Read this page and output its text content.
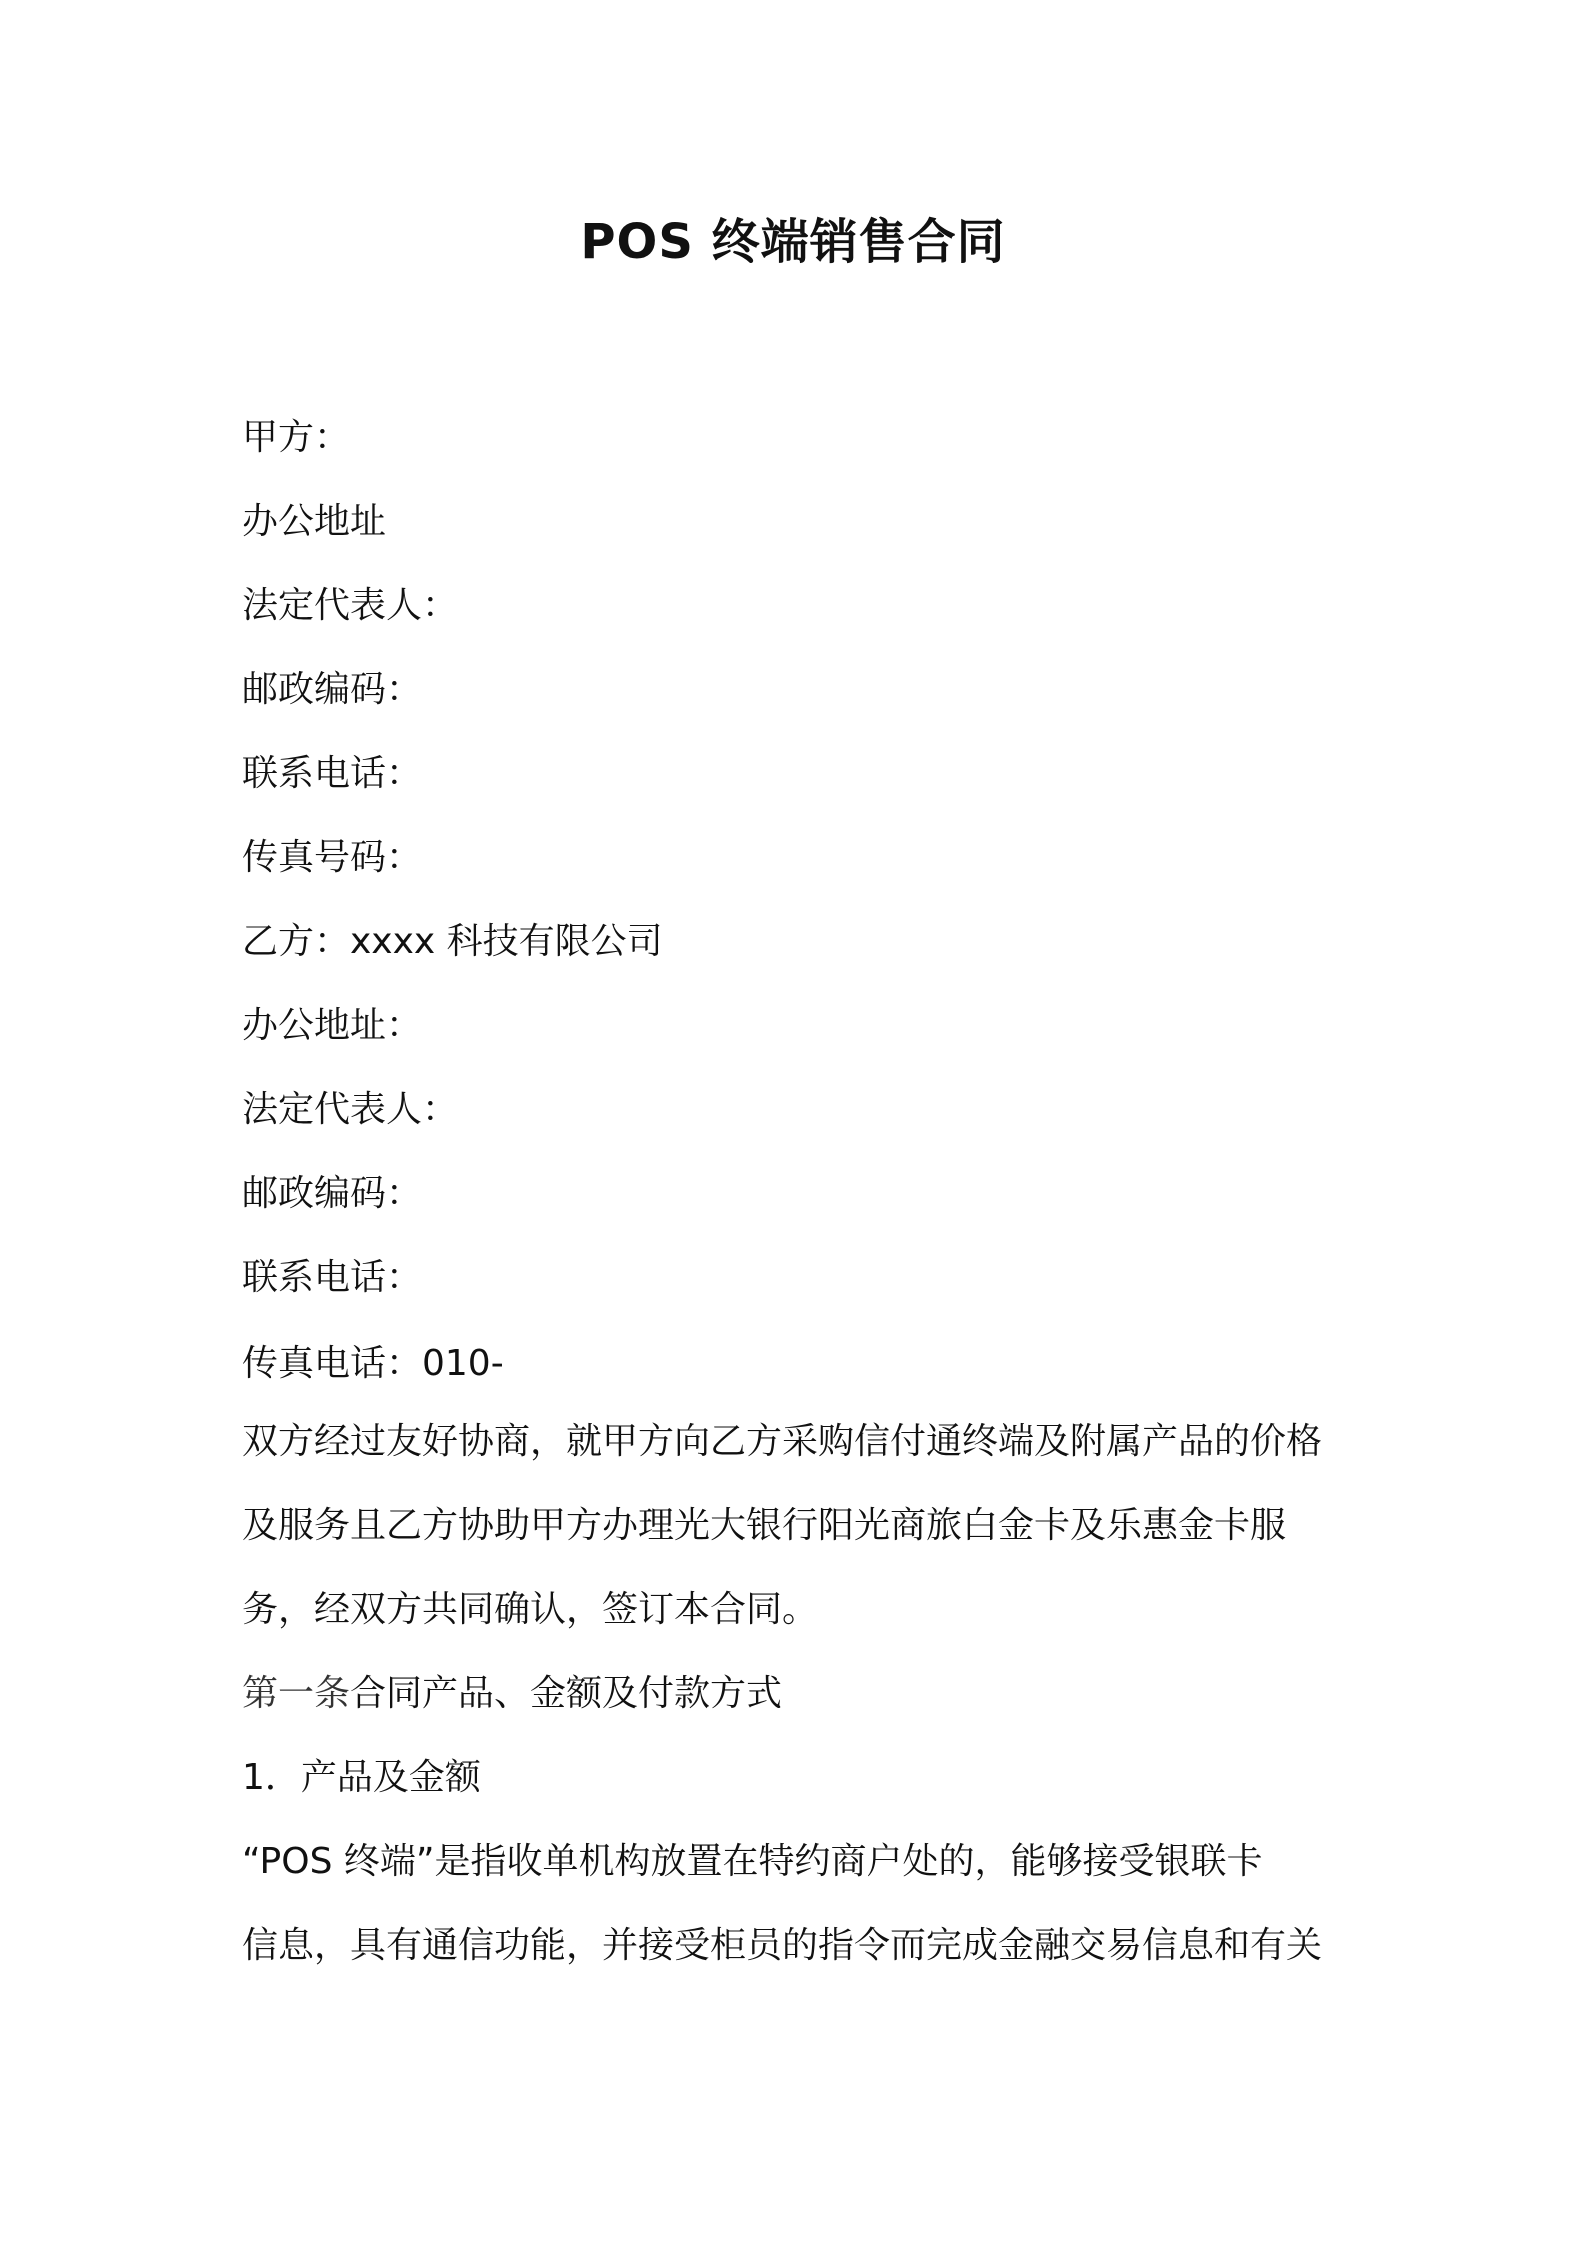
POS 终端销售合同
甲方：
办公地址
法定代表人：
邮政编码：
联系电话：
传真号码：
乙方：xxxx 科技有限公司
办公地址：
法定代表人：
邮政编码：
联系电话：
传真电话：010-
双方经过友好协商，就甲方向乙方采购信付通终端及附属产品的价格
及服务且乙方协助甲方办理光大银行阳光商旅白金卡及乐惠金卡服
务，经双方共同确认，签订本合同。
第一条合同产品、金额及付款方式
1．产品及金额
“POS 终端”是指收单机构放置在特约商户处的，能够接受银联卡
信息，具有通信功能，并接受柜员的指令而完成金融交易信息和有关
